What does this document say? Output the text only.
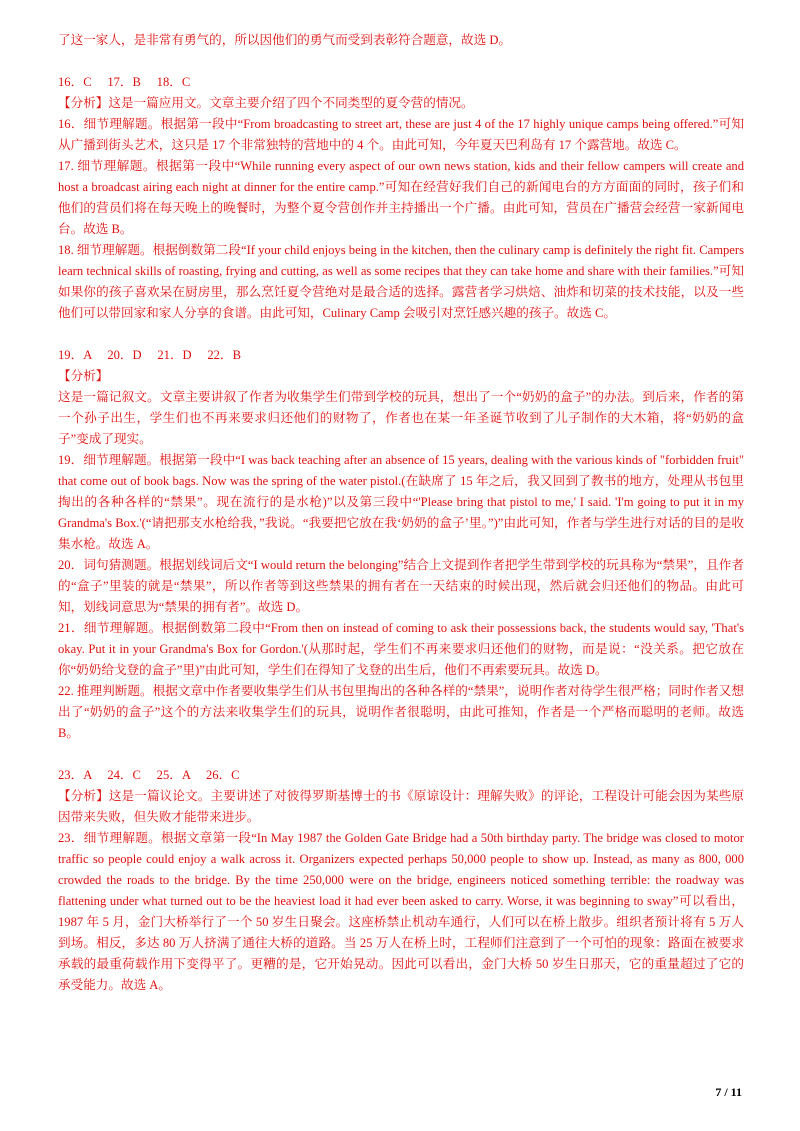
了这一家人，是非常有勇气的，所以因他们的勇气而受到表彰符合题意，故选 D。

16．C　 17．B　 18．C

【分析】这是一篇应用文。文章主要介绍了四个不同类型的夏令营的情况。

16．细节理解题。根据第一段中“From broadcasting to street art, these are just 4 of the 17 highly unique camps being offered.”可知从广播到街头艺术，这只是 17 个非常独特的营地中的 4 个。由此可知，今年夏天巴利岛有 17 个露营地。故选 C。

17. 细节理解题。根据第一段中“While running every aspect of our own news station, kids and their fellow campers will create and host a broadcast airing each night at dinner for the entire camp.”可知在经营好我们自己的新闻电台的方方面面的同时，孩子们和他们的营员们将在每天晚上的晚餐时，为整个夏令营创作并主持播出一个广播。由此可知，营员在广播营会经营一家新闻电台。故选 B。

18. 细节理解题。根据倒数第二段“If your child enjoys being in the kitchen, then the culinary camp is definitely the right fit. Campers learn technical skills of roasting, frying and cutting, as well as some recipes that they can take home and share with their families.”可知如果你的孩子喜欢呆在厨房里，那么烹饪夏令营绝对是最合适的选择。露营者学习烘焙、油炸和切菜的技术技能，以及一些他们可以带回家和家人分享的食谱。由此可知，Culinary Camp 会吸引对烹饪感兴趣的孩子。故选 C。

19．A　 20．D　 21．D　 22．B

【分析】

这是一篇记叙文。文章主要讲叙了作者为收集学生们带到学校的玩具，想出了一个“奶奶的盒子”的办法。到后来，作者的第一个孙子出生，学生们也不再来要求归还他们的财物了，作者也在某一年圣诞节收到了儿子制作的大木箱，将“奶奶的盒子”变成了现实。

19．细节理解题。根据第一段中“I was back teaching after an absence of 15 years, dealing with the various kinds of "forbidden fruit" that come out of book bags. Now was the spring of the water pistol.(在缺席了 15 年之后，我又回到了教书的地方，处理从书包里掏出的各种各样的“禁果”。现在流行的是水枪)”以及第三段中“'Please bring that pistol to me,' I said. 'I'm going to put it in my Grandma's Box.'(“请把那支水枪给我，”我说。“我要把它放在我‘奶奶的盒子’里。”)”由此可知，作者与学生进行对话的目的是收集水枪。故选 A。

20．词句猜测题。根据划线词后文“I would return the belonging”结合上文提到作者把学生带到学校的玩具称为“禁果”，且作者的“盒子”里装的就是“禁果”，所以作者等到这些禁果的拥有者在一天结束的时候出现，然后就会归还他们的物品。由此可知，划线词意思为“禁果的拥有者”。故选 D。

21．细节理解题。根据倒数第二段中“From then on instead of coming to ask their possessions back, the students would say, 'That's okay. Put it in your Grandma's Box for Gordon.'(从那时起，学生们不再来要求归还他们的财物，而是说：“没关系。把它放在你“奶奶给戈登的盒子”里)”由此可知，学生们在得知了戈登的出生后，他们不再索要玩具。故选 D。

22. 推理判断题。根据文章中作者要收集学生们从书包里掏出的各种各样的“禁果”，说明作者对待学生很严格；同时作者又想出了“奶奶的盒子”这个的方法来收集学生们的玩具，说明作者很聪明，由此可推知，作者是一个严格而聪明的老师。故选 B。

23．A　 24．C　 25．A　 26．C

【分析】这是一篇议论文。主要讲述了对彼得罗斯基博士的书《原谅设计：理解失败》的评论，工程设计可能会因为某些原因带来失败，但失败才能带来进步。

23．细节理解题。根据文章第一段“In May 1987 the Golden Gate Bridge had a 50th birthday party. The bridge was closed to motor traffic so people could enjoy a walk across it. Organizers expected perhaps 50,000 people to show up. Instead, as many as 800, 000 crowded the roads to the bridge. By the time 250,000 were on the bridge, engineers noticed something terrible: the roadway was flattening under what turned out to be the heaviest load it had ever been asked to carry. Worse, it was beginning to sway”可以看出，1987 年 5 月，金门大桥举行了一个 50 岁生日聚会。这座桥禁止机动车通行，人们可以在桥上散步。组织者预计将有 5 万人到场。相反，多达 80 万人挤满了通往大桥的道路。当 25 万人在桥上时，工程师们注意到了一个可怕的现象：路面在被要求承载的最重荷载作用下变得平了。更糟的是，它开始晃动。因此可以看出，金门大桥 50 岁生日那天，它的重量超过了它的承受能力。故选 A。

7 / 11
